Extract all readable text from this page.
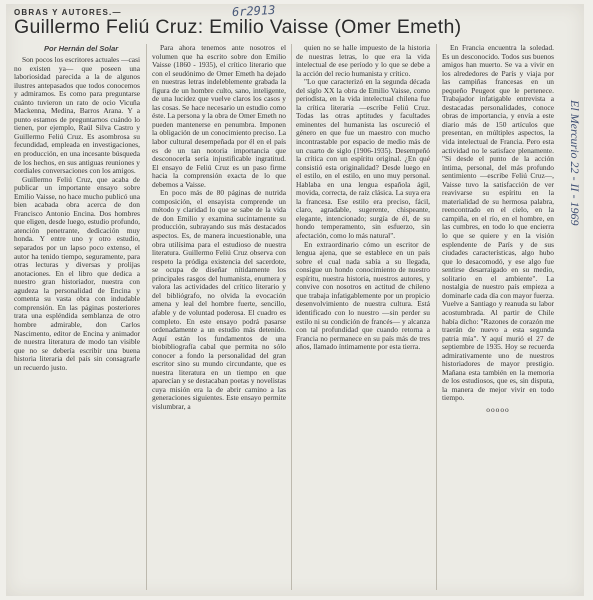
OBRAS Y AUTORES.—	6r2913
Guillermo Feliú Cruz: Emilio Vaisse (Omer Emeth)
Por Hernán del Solar

Son pocos los escritores actuales —casi no existen ya— que poseen una laboriosidad parecida a la de algunos ilustres antepasados que todos conocemos y admiramos. Es como para preguntarse cuánto tuvieron un rato de ocio Vicuña Mackenna, Medina, Barros Arana. Y a punto estamos de preguntarnos cuándo lo tienen, por ejemplo, Raúl Silva Castro y Guillermo Feliú Cruz. Es asombrosa su fecundidad, empleada en investigaciones, en producción, en una incesante búsqueda de los hechos, en sus antiguas reuniones y cordiales conversaciones con los amigos.

Guillermo Feliú Cruz, que acaba de publicar un importante ensayo sobre Emilio Vaisse, no hace mucho publicó una bien acabada obra acerca de don Francisco Antonio Encina. Dos hombres que eligen, desde luego, estudio profundo, atención penetrante, dedicación muy honda. Y entre uno y otro estudio, separados por un lapso poco extenso, el autor ha tenido tiempo, seguramente, para otras lecturas y diversas y prolijas anotaciones. En el libro que dedica a nuestro gran historiador, nuestra con agudeza la personalidad de Encina y comenta su vasta obra con indudable comprensión. En las páginas posteriores trata una espléndida semblanza de otro hombre admirable, don Carlos Nascimento, editor de Encina y animador de nuestra literatura de modo tan visible que no se debería escribir una buena historia literaria del país sin consagrarle un recuerdo justo.

Para ahora tenemos ante nosotros el volumen que ha escrito sobre don Emilio Vaisse (1860 - 1935), el crítico literario que con el seudónimo de Omer Emeth ha dejado en nuestras letras indeleblemente grabada la figura de un hombre culto, sano, inteligente, de una lucidez que vuelve claros los casos y las cosas. Se hace necesario un estudio como éste. La persona y la obra de Omer Emeth no pueden mantenerse en penumbra. Imponen la obligación de un conocimiento preciso. La labor cultural desempeñada por él en el país es de un tan notoria importancia que desconocerla sería injustificable ingratitud. El ensayo de Feliú Cruz es un paso firme hacia la comprensión exacta de lo que debemos a Vaisse.

En poco más de 80 páginas de nutrida composición, el ensayista comprende un método y claridad lo que se sabe de la vida de don Emilio y examina sucintamente su producción, subrayando sus más destacados aspectos. Es, de manera incuestionable, una obra utilísima para el estudioso de nuestra literatura. Guillermo Feliú Cruz observa con respeto la pródiga existencia del sacerdote, se ocupa de diseñar nítidamente los principales rasgos del humanista, enumera y valora las actividades del crítico literario y del bibliógrafo, no olvida la evocación amena y leal del hombre fuerte, sencillo, afable y de voluntad poderosa. El cuadro es completo. En este ensayo podrá pasarse ordenadamente a un estudio más detenido. Aquí están los fundamentos de una biobibliografía cabal que permita no sólo conocer a fondo la personalidad del gran escritor sino su mundo circundante, que es nuestra literatura en un tiempo en que aparecían y se destacaban poetas y novelistas cuya misión era la de abrir camino a las generaciones siguientes. Este ensayo permite vislumbrar, a

quien no se halle impuesto de la historia de nuestras letras, lo que era la vida intelectual de ese período y lo que se debe a la acción del recio humanista y crítico.

"Lo que caracterizó en la segunda década del siglo XX la obra de Emilio Vaisse, como periodista, en la vida intelectual chilena fue la crítica literaria —escribe Feliú Cruz. Todas las otras aptitudes y facultades eminentes del humanista las oscureció el género en que fue un maestro con mucho incontrastable por espacio de medio más de un cuarto de siglo (1906-1935). Desempeñó la crítica con un espíritu original. ¿En qué consistió esta originalidad? Desde luego en el estilo, en el estilo, en uno muy personal. Hablaba en una lengua española ágil, movida, correcta, de raíz clásica. La suya era la francesa. Ese estilo era preciso, fácil, claro, agradable, sugerente, chispeante, elegante, intencionado; surgía de él, de su hondo temperamento, sin esfuerzo, sin afectación, como lo más natural".

En extraordinario cómo un escritor de lengua ajena, que se establece en un país sobre el cual nada sabía a su llegada, consigue un hondo conocimiento de nuestro espíritu, nuestra historia, nuestros autores, y convive con nosotros en actitud de chileno que trabaja infatigablemente por un propicio desenvolvimiento de nuestra cultura. Está identificado con lo nuestro —sin perder su estilo ni su condición de francés— y alcanza con tal profundidad que cuando retorna a Francia no permanece en su país más de tres años, llamado íntimamente por esta tierra.

En Francia encuentra la soledad. Es un desconocido. Todos sus buenos amigos han muerto. Se va a vivir en los alrededores de París y viaja por las campiñas francesas en un pequeño Peugeot que le pertenece. Trabajador infatigable entrevista a destacadas personalidades, conoce obras de importancia, y envía a este diario más de 150 artículos que presentan, en múltiples aspectos, la vida intelectual de Francia. Pero esta actividad no le satisface plenamente. "Si desde el punto de la acción íntima, personal, del más profundo sentimiento —escribe Feliú Cruz—, Vaisse tuvo la satisfacción de ver reavivarse su espíritu en la materialidad de su hermosa palabra, reencontrado en el cielo, en la campiña, en el río, en el hombre, en las cumbres, en todo lo que encierra lo que se quiere y en la visión esplendente de París y de sus ciudades características, algo hubo que lo desacomodó, y ese algo fue sentirse desarraigado en su medio, solitario en el ambiente". La nostalgia de nuestro país empieza a dominarle cada día con mayor fuerza. Vuelve a Santiago y reanuda su labor acostumbrada. Al partir de Chile había dicho: "Razones de corazón me traerán de nuevo a esta segunda patria mía". Y aquí murió el 27 de septiembre de 1935. Hoy se recuerda admirativamente uno de nuestros historiadores de mayor prestigio. Mañana esta también en la memoria de los estudiosos, que es, sin disputa, la manera de mejor vivir en todo tiempo.

ooooo
El Mercurio 22 - II - 1969
